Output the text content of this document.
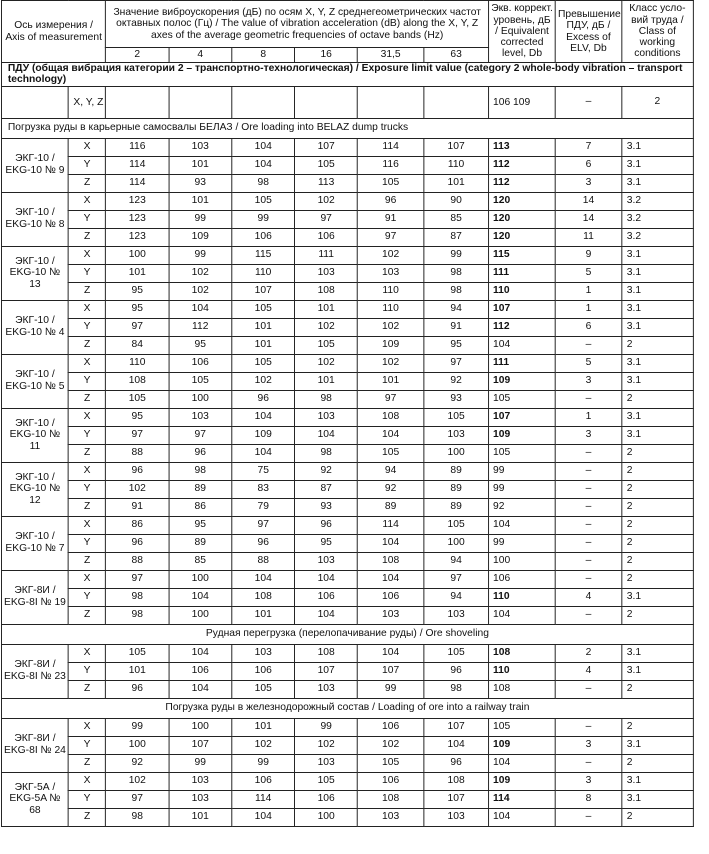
Ось измерения / Axis of measurement		Значение виброускорения (дБ) по осям X, Y, Z среднегеометрических частот октавных полос (Гц) / The value of vibration acceleration (dB) along the X, Y, Z axes of the average geometric frequencies of octave bands (Hz)						Экв. коррект. уровень, дБ / Equivalent corrected level, Db	Превышение ПДУ, дБ / Excess of ELV, Db	Класс усло-вий труда / Class of working conditions
		2	4	8	16	31,5	63			
ПДУ (общая вибрация категории 2 – транспортно-технологическая) / Exposure limit value (category 2 whole-body vibration – transport technology)										
	X, Y, Z							106 109	–	2
Погрузка руды в карьерные самосвалы БЕЛАЗ / Ore loading into BELAZ dump trucks										
ЭКГ-10 / EKG-10 № 9	X	116	103	104	107	114	107	113	7	3.1
	Y	114	101	104	105	116	110	112	6	3.1
	Z	114	93	98	113	105	101	112	3	3.1
ЭКГ-10 / EKG-10 № 8	X	123	101	105	102	96	90	120	14	3.2
	Y	123	99	99	97	91	85	120	14	3.2
	Z	123	109	106	106	97	87	120	11	3.2
ЭКГ-10 / EKG-10 № 13	X	100	99	115	111	102	99	115	9	3.1
	Y	101	102	110	103	103	98	111	5	3.1
	Z	95	102	107	108	110	98	110	1	3.1
ЭКГ-10 / EKG-10 № 4	X	95	104	105	101	110	94	107	1	3.1
	Y	97	112	101	102	102	91	112	6	3.1
	Z	84	95	101	105	109	95	104	–	2
ЭКГ-10 / EKG-10 № 5	X	110	106	105	102	102	97	111	5	3.1
	Y	108	105	102	101	101	92	109	3	3.1
	Z	105	100	96	98	97	93	105	–	2
ЭКГ-10 / EKG-10 № 11	X	95	103	104	103	108	105	107	1	3.1
	Y	97	97	109	104	104	103	109	3	3.1
	Z	88	96	104	98	105	100	105	–	2
ЭКГ-10 / EKG-10 № 12	X	96	98	75	92	94	89	99	–	2
	Y	102	89	83	87	92	89	99	–	2
	Z	91	86	79	93	89	89	92	–	2
ЭКГ-10 / EKG-10 № 7	X	86	95	97	96	114	105	104	–	2
	Y	96	89	96	95	104	100	99	–	2
	Z	88	85	88	103	108	94	100	–	2
ЭКГ-8И / EKG-8I № 19	X	97	100	104	104	104	97	106	–	2
	Y	98	104	108	106	106	94	110	4	3.1
	Z	98	100	101	104	103	103	104	–	2
Рудная перегрузка (перелопачивание руды) / Ore shoveling										
ЭКГ-8И / EKG-8I № 23	X	105	104	103	108	104	105	108	2	3.1
	Y	101	106	106	107	107	96	110	4	3.1
	Z	96	104	105	103	99	98	108	–	2
Погрузка руды в железнодорожный состав / Loading of ore into a railway train										
ЭКГ-8И / EKG-8I № 24	X	99	100	101	99	106	107	105	–	2
	Y	100	107	102	102	102	104	109	3	3.1
	Z	92	99	99	103	105	96	104	–	2
ЭКГ-5А / EKG-5A № 68	X	102	103	106	105	106	108	109	3	3.1
	Y	97	103	114	106	108	107	114	8	3.1
	Z	98	101	104	100	103	103	104	–	2
